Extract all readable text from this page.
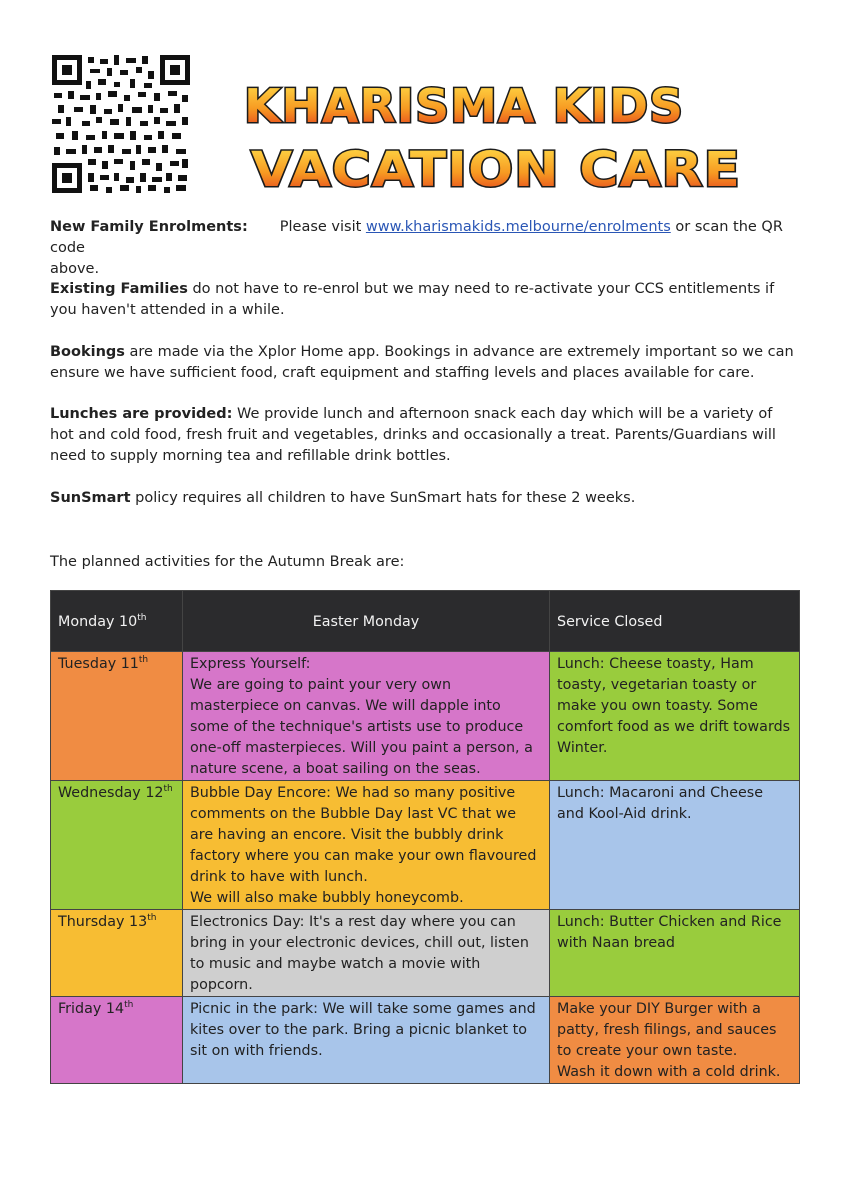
KHARISMA KIDS
VACATION CARE
New Family Enrolments: Please visit www.kharismakids.melbourne/enrolments or scan the QR code
above.
Existing Families do not have to re-enrol but we may need to re-activate your CCS entitlements if you haven't attended in a while.
Bookings are made via the Xplor Home app. Bookings in advance are extremely important so we can ensure we have sufficient food, craft equipment and staffing levels and places available for care.
Lunches are provided: We provide lunch and afternoon snack each day which will be a variety of hot and cold food, fresh fruit and vegetables, drinks and occasionally a treat. Parents/Guardians will need to supply morning tea and refillable drink bottles.
SunSmart policy requires all children to have SunSmart hats for these 2 weeks.
The planned activities for the Autumn Break are:
Monday 10th	Easter Monday	Service Closed
Tuesday 11th	Express Yourself:
We are going to paint your very own masterpiece on canvas. We will dapple into some of the technique's artists use to produce one-off masterpieces. Will you paint a person, a nature scene, a boat sailing on the seas.	Lunch: Cheese toasty, Ham toasty, vegetarian toasty or make you own toasty. Some comfort food as we drift towards Winter.
Wednesday 12th	Bubble Day Encore: We had so many positive comments on the Bubble Day last VC that we are having an encore. Visit the bubbly drink factory where you can make your own flavoured drink to have with lunch.
We will also make bubbly honeycomb.	Lunch: Macaroni and Cheese and Kool-Aid drink.
Thursday 13th	Electronics Day: It's a rest day where you can bring in your electronic devices, chill out, listen to music and maybe watch a movie with popcorn.	Lunch: Butter Chicken and Rice with Naan bread
Friday 14th	Picnic in the park: We will take some games and kites over to the park. Bring a picnic blanket to sit on with friends.	Make your DIY Burger with a patty, fresh filings, and sauces to create your own taste.
Wash it down with a cold drink.
